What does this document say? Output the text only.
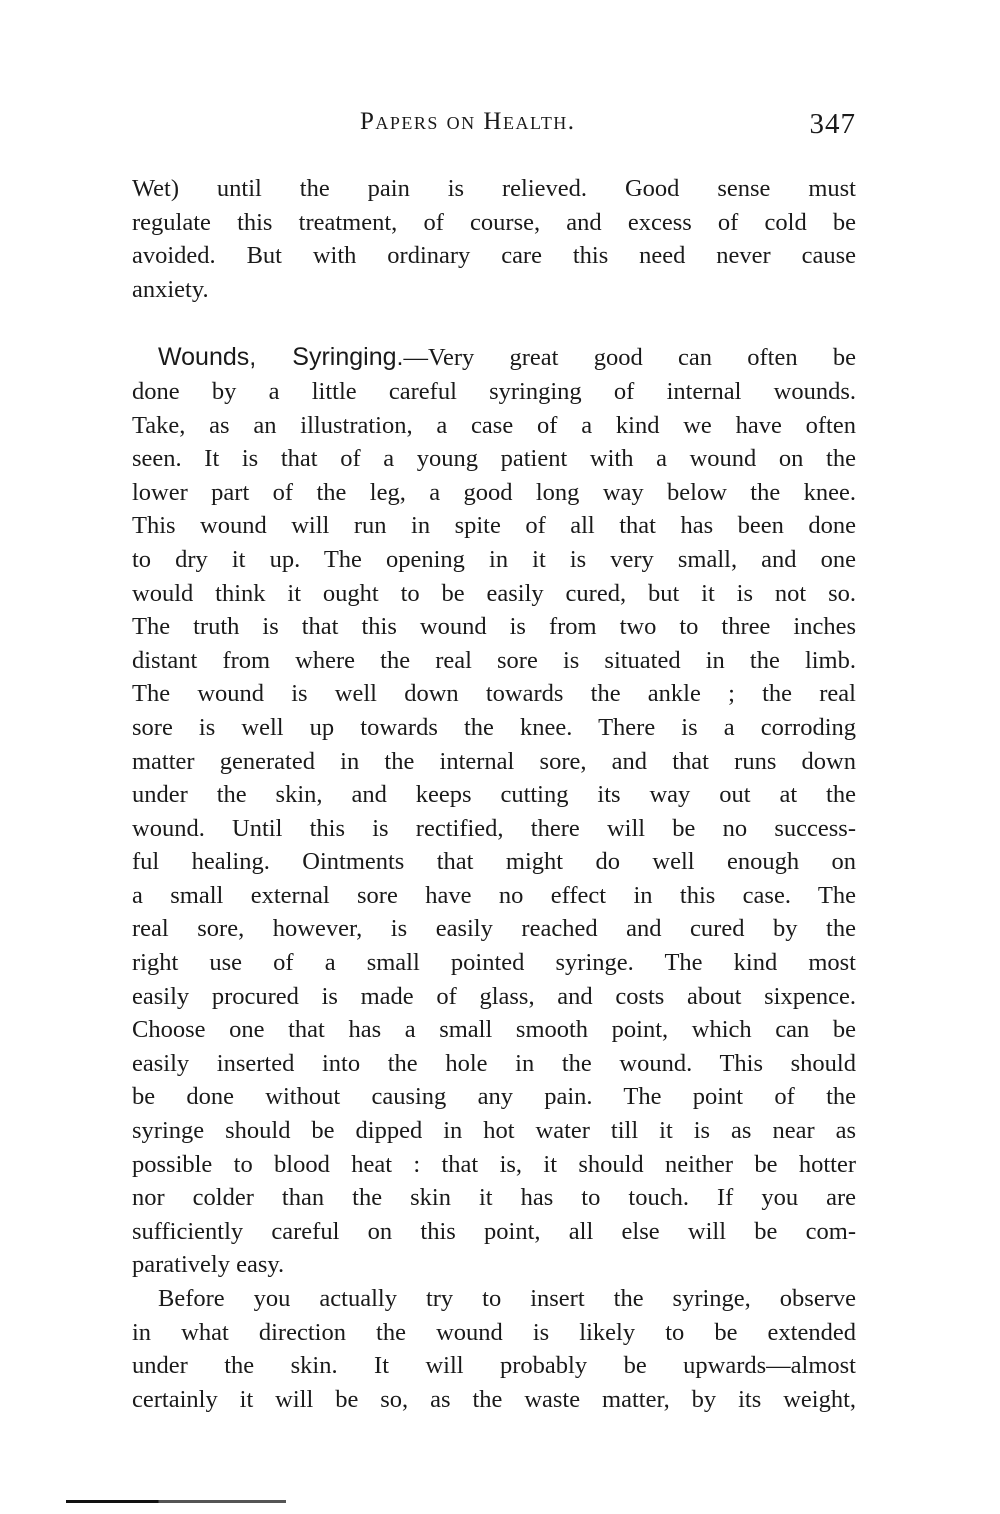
Papers on Health.	347
Wet) until the pain is relieved. Good sense must
regulate this treatment, of course, and excess of cold be
avoided. But with ordinary care this need never cause
anxiety.
Wounds, Syringing.—Very great good can often be
done by a little careful syringing of internal wounds.
Take, as an illustration, a case of a kind we have often
seen. It is that of a young patient with a wound on the
lower part of the leg, a good long way below the knee.
This wound will run in spite of all that has been done
to dry it up. The opening in it is very small, and one
would think it ought to be easily cured, but it is not so.
The truth is that this wound is from two to three inches
distant from where the real sore is situated in the limb.
The wound is well down towards the ankle ; the real
sore is well up towards the knee. There is a corroding
matter generated in the internal sore, and that runs down
under the skin, and keeps cutting its way out at the
wound. Until this is rectified, there will be no success-
ful healing. Ointments that might do well enough on
a small external sore have no effect in this case. The
real sore, however, is easily reached and cured by the
right use of a small pointed syringe. The kind most
easily procured is made of glass, and costs about sixpence.
Choose one that has a small smooth point, which can be
easily inserted into the hole in the wound. This should
be done without causing any pain. The point of the
syringe should be dipped in hot water till it is as near as
possible to blood heat : that is, it should neither be hotter
nor colder than the skin it has to touch. If you are
sufficiently careful on this point, all else will be com-
paratively easy.
Before you actually try to insert the syringe, observe
in what direction the wound is likely to be extended
under the skin. It will probably be upwards—almost
certainly it will be so, as the waste matter, by its weight,
